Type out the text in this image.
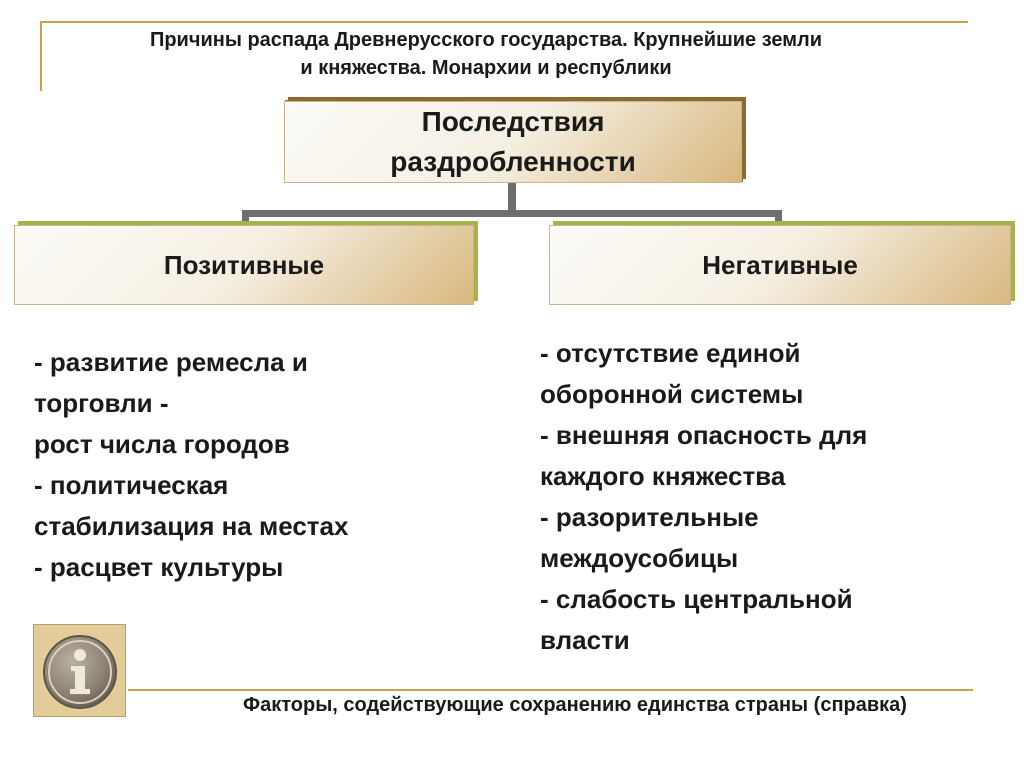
Причины распада Древнерусского государства. Крупнейшие земли
и княжества. Монархии и республики
Последствия
раздробленности
Позитивные	Негативные
- развитие ремесла и
торговли -
рост числа городов
- политическая
стабилизация на местах
- расцвет культуры
- отсутствие единой
оборонной системы
- внешняя опасность для
каждого княжества
- разорительные
междоусобицы
- слабость центральной
власти
Факторы, содействующие сохранению единства страны (справка)
